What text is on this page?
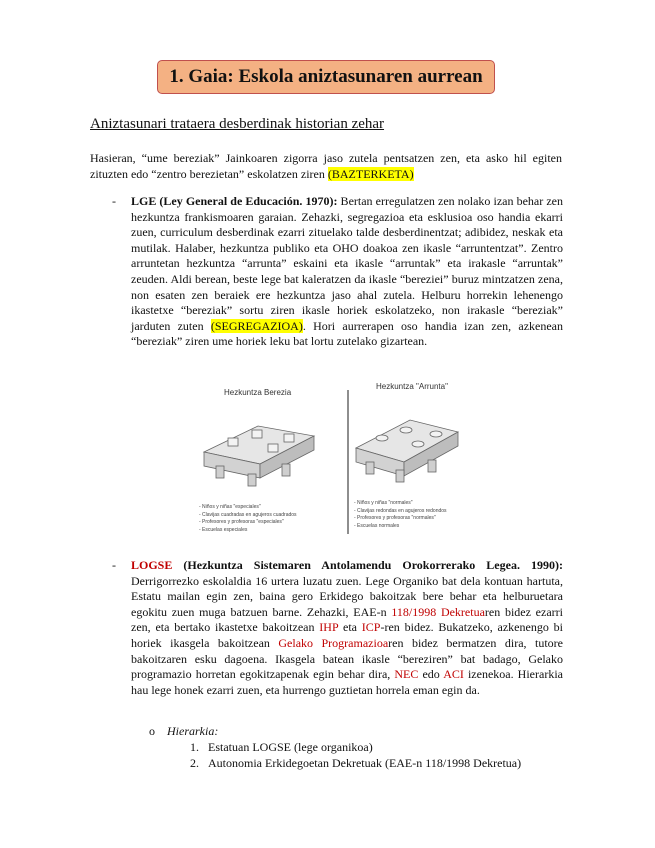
1. Gaia: Eskola aniztasunaren aurrean
Aniztasunari trataera desberdinak historian zehar
Hasieran, “ume bereziak” Jainkoaren zigorra jaso zutela pentsatzen zen, eta asko hil egiten zituzten edo “zentro berezietan” eskolatzen ziren (BAZTERKETA)
- LGE (Ley General de Educación. 1970): Bertan erregulatzen zen nolako izan behar zen hezkuntza frankismoaren garaian. Zehazki, segregazioa eta esklusioa oso handia ekarri zuen, curriculum desberdinak ezarri zituelako talde desberdinentzat; adibidez, neskak eta mutilak. Halaber, hezkuntza publiko eta OHO doakoa zen ikasle “arruntentzat”. Zentro arruntetan hezkuntza “arrunta” eskaini eta ikasle “arruntak” eta irakasle “arruntak” zeuden. Aldi berean, beste lege bat kaleratzen da ikasle “bereziei” buruz mintzatzen zena, non esaten zen beraiek ere hezkuntza jaso ahal zutela. Helburu horrekin lehenengo ikastetxe “bereziak” sortu ziren ikasle horiek eskolatzeko, non irakasle “bereziak” jarduten zuten (SEGREGAZIOA). Hori aurrerapen oso handia izan zen, azkenean “bereziak” ziren ume horiek leku bat lortu zutelako gizartean.
Hezkuntza Berezia
Hezkuntza "Arrunta"
- Niños y niñas "especiales"
- Clavijas cuadradas en agujeros cuadrados
- Profesores y profesoras "especiales"
- Escuelas especiales
- Niños y niñas "normales"
- Clavijas redondas en agujeros redondos
- Profesores y profesoras "normales"
- Escuelas normales
- LOGSE (Hezkuntza Sistemaren Antolamendu Orokorrerako Legea. 1990): Derrigorrezko eskolaldia 16 urtera luzatu zuen. Lege Organiko bat dela kontuan hartuta, Estatu mailan egin zen, baina gero Erkidego bakoitzak bere behar eta helburuetara egokitu zuen muga batzuen barne. Zehazki, EAE-n 118/1998 Dekretuaren bidez ezarri zen, eta bertako ikastetxe bakoitzean IHP eta ICP-ren bidez. Bukatzeko, azkenengo bi horiek ikasgela bakoitzean Gelako Programazioaren bidez bermatzen dira, tutore bakoitzaren esku dagoena. Ikasgela batean ikasle “bereziren” bat badago, Gelako programazio horretan egokitzapenak egin behar dira, NEC edo ACI izenekoa. Hierarkia hau lege honek ezarri zuen, eta hurrengo guztietan horrela eman egin da.
o Hierarkia:
1. Estatuan LOGSE (lege organikoa)
2. Autonomia Erkidegoetan Dekretuak (EAE-n 118/1998 Dekretua)
